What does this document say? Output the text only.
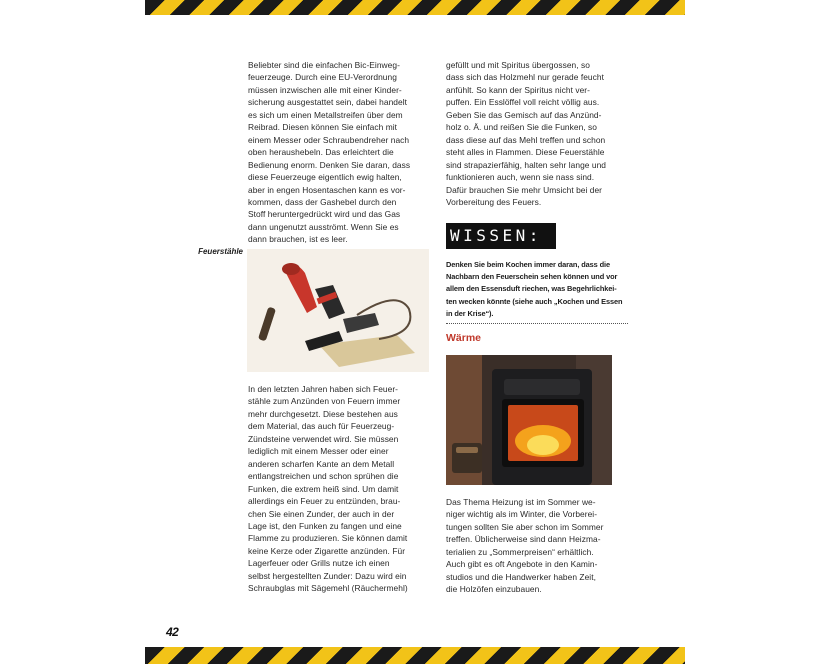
Beliebter sind die einfachen Bic-Einweg-
feuerzeuge. Durch eine EU-Verordnung
müssen inzwischen alle mit einer Kinder-
sicherung ausgestattet sein, dabei handelt
es sich um einen Metallstreifen über dem
Reibrad. Diesen können Sie einfach mit
einem Messer oder Schraubendreher nach
oben heraushebeln. Das erleichtert die
Bedienung enorm. Denken Sie daran, dass
diese Feuerzeuge eigentlich ewig halten,
aber in engen Hosentaschen kann es vor-
kommen, dass der Gashebel durch den
Stoff heruntergedrückt wird und das Gas
dann ungenutzt ausströmt. Wenn Sie es
dann brauchen, ist es leer.

Feuerstähle

In den letzten Jahren haben sich Feuer-
stähle zum Anzünden von Feuern immer
mehr durchgesetzt. Diese bestehen aus
dem Material, das auch für Feuerzeug-
Zündsteine verwendet wird. Sie müssen
lediglich mit einem Messer oder einer
anderen scharfen Kante an dem Metall
entlangstreichen und schon sprühen die
Funken, die extrem heiß sind. Um damit
allerdings ein Feuer zu entzünden, brau-
chen Sie einen Zunder, der auch in der
Lage ist, den Funken zu fangen und eine
Flamme zu produzieren. Sie können damit
keine Kerze oder Zigarette anzünden. Für
Lagerfeuer oder Grills nutze ich einen
selbst hergestellten Zunder: Dazu wird ein
Schraubglas mit Sägemehl (Räuchermehl)

gefüllt und mit Spiritus übergossen, so
dass sich das Holzmehl nur gerade feucht
anfühlt. So kann der Spiritus nicht ver-
puffen. Ein Esslöffel voll reicht völlig aus.
Geben Sie das Gemisch auf das Anzünd-
holz o. Ä. und reißen Sie die Funken, so
dass diese auf das Mehl treffen und schon
steht alles in Flammen. Diese Feuerstähle
sind strapazierfähig, halten sehr lange und
funktionieren auch, wenn sie nass sind.
Dafür brauchen Sie mehr Umsicht bei der
Vorbereitung des Feuers.

WISSEN:
Denken Sie beim Kochen immer daran, dass die
Nachbarn den Feuerschein sehen können und vor
allem den Essensduft riechen, was Begehrlichkei-
ten wecken könnte (siehe auch „Kochen und Essen
in der Krise“).
Wärme

Das Thema Heizung ist im Sommer we-
niger wichtig als im Winter, die Vorberei-
tungen sollten Sie aber schon im Sommer
treffen. Üblicherweise sind dann Heizma-
terialien zu „Sommerpreisen“ erhältlich.
Auch gibt es oft Angebote in den Kamin-
studios und die Handwerker haben Zeit,
die Holzöfen einzubauen.

42
